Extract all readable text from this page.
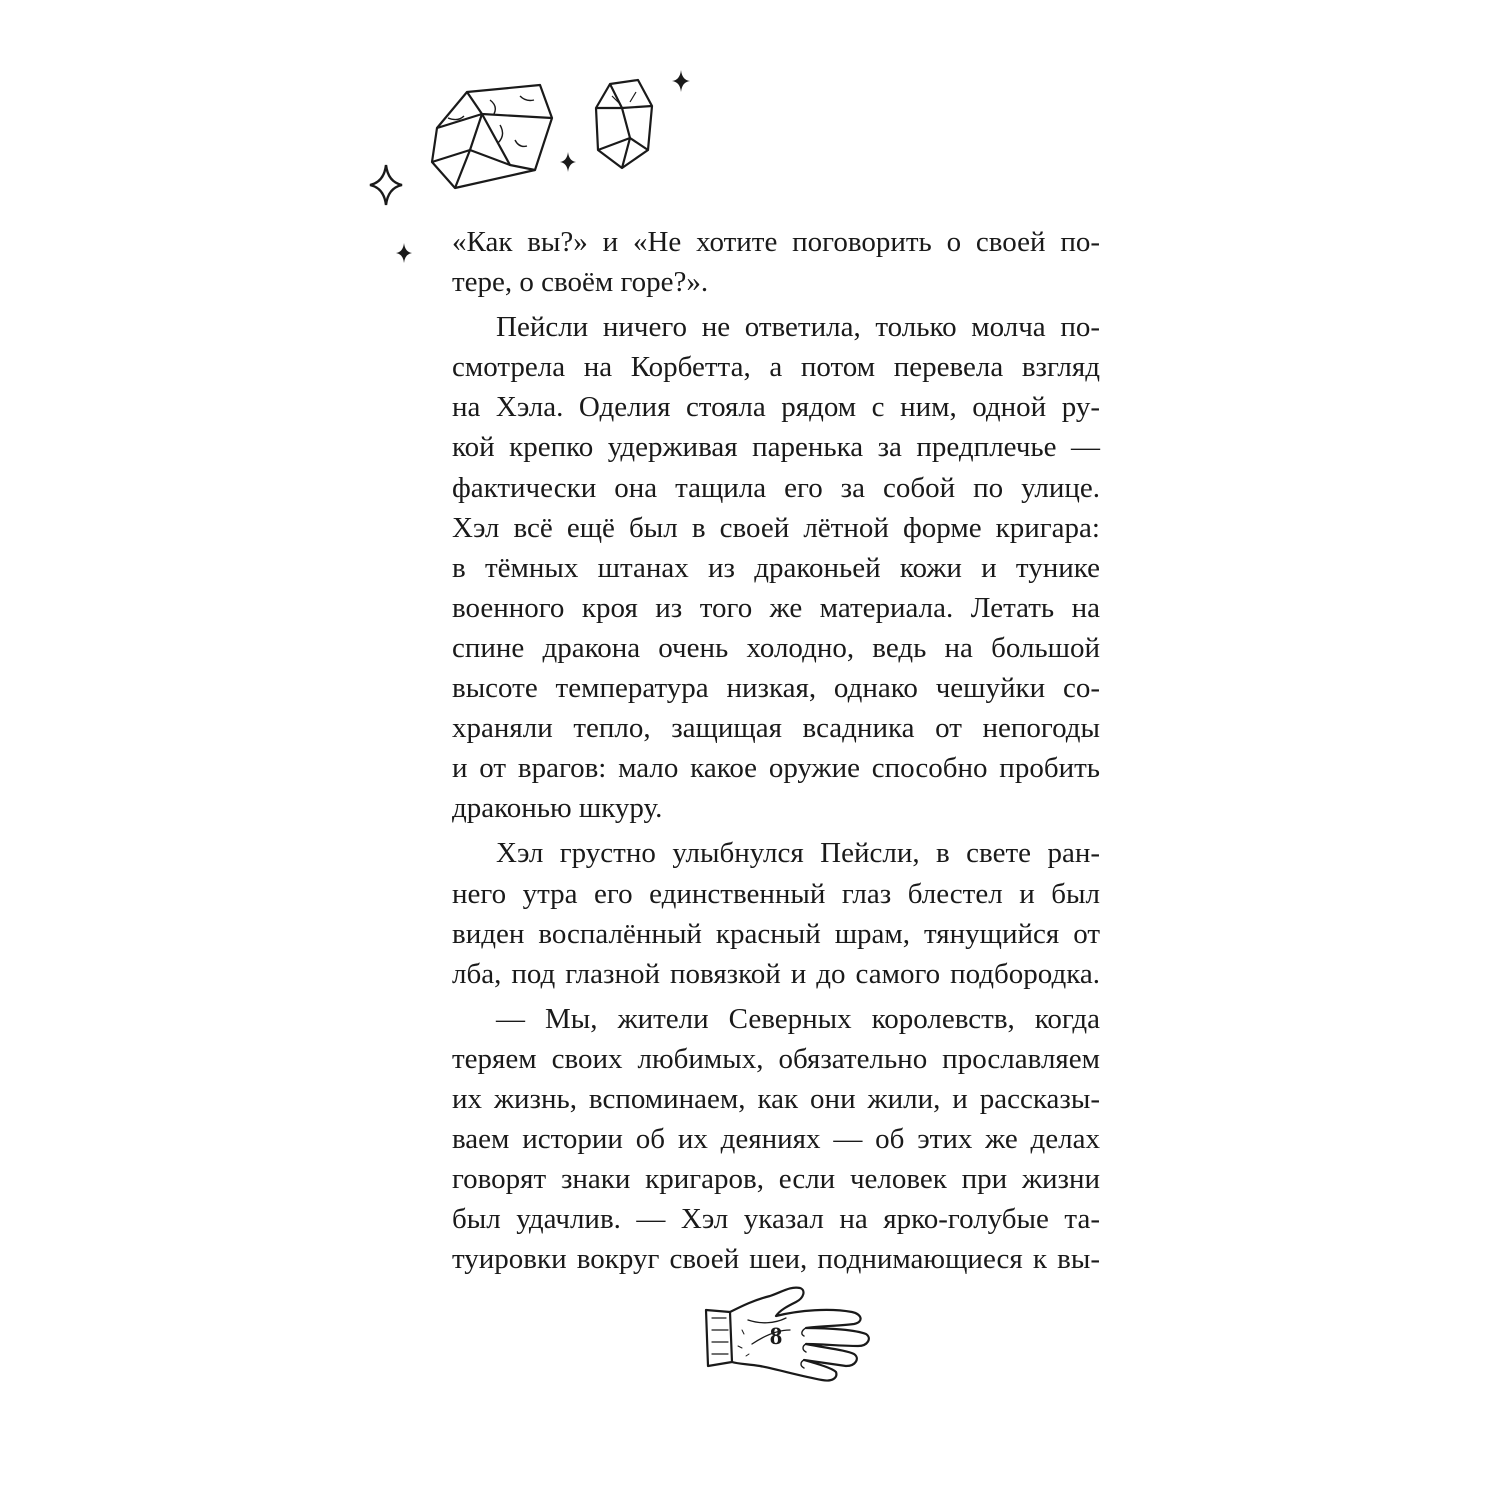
«Как вы?» и «Не хотите поговорить о своей по-
тере, о своём горе?».
Пейсли ничего не ответила, только молча по-
смотрела на Корбетта, а потом перевела взгляд
на Хэла. Оделия стояла рядом с ним, одной ру-
кой крепко удерживая паренька за предплечье —
фактически она тащила его за собой по улице.
Хэл всё ещё был в своей лётной форме кригара:
в тёмных штанах из драконьей кожи и тунике
военного кроя из того же материала. Летать на
спине дракона очень холодно, ведь на большой
высоте температура низкая, однако чешуйки со-
храняли тепло, защищая всадника от непогоды
и от врагов: мало какое оружие способно пробить
драконью шкуру.
Хэл грустно улыбнулся Пейсли, в свете ран-
него утра его единственный глаз блестел и был
виден воспалённый красный шрам, тянущийся от
лба, под глазной повязкой и до самого подбородка.
— Мы, жители Северных королевств, когда
теряем своих любимых, обязательно прославляем
их жизнь, вспоминаем, как они жили, и рассказы-
ваем истории об их деяниях — об этих же делах
говорят знаки кригаров, если человек при жизни
был удачлив. — Хэл указал на ярко-голубые та-
туировки вокруг своей шеи, поднимающиеся к вы-
8
